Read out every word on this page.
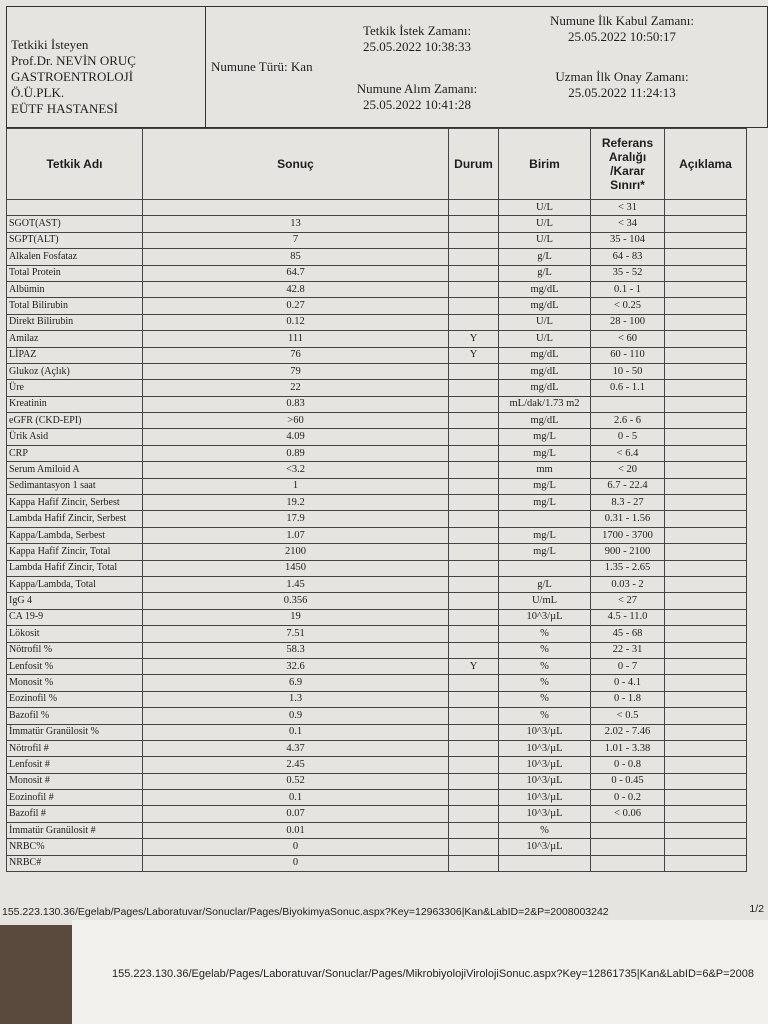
Tetkiki İsteyen
Prof.Dr. NEVİN ORUÇ
GASTROENTROLOJİ
Ö.Ü.PLK.
EÜTF HASTANESİ
Numune Türü: Kan
Tetkik İstek Zamanı:
25.05.2022 10:38:33
Numune Alım Zamanı:
25.05.2022 10:41:28
Numune İlk Kabul Zamanı:
25.05.2022 10:50:17
Uzman İlk Onay Zamanı:
25.05.2022 11:24:13
Tetkik Adı	Sonuç	Durum	Birim	Referans Aralığı /Karar Sınırı*	Açıklama
			U/L	< 31	
SGOT(AST)	13		U/L	< 34	
SGPT(ALT)	7		U/L	35 - 104	
Alkalen Fosfataz	85		g/L	64 - 83	
Total Protein	64.7		g/L	35 - 52	
Albümin	42.8		mg/dL	0.1 - 1	
Total Bilirubin	0.27		mg/dL	< 0.25	
Direkt Bilirubin	0.12		U/L	28 - 100	
Amilaz	111	Y	U/L	< 60	
LİPAZ	76	Y	mg/dL	60 - 110	
Glukoz (Açlık)	79		mg/dL	10 - 50	
Üre	22		mg/dL	0.6 - 1.1	
Kreatinin	0.83		mL/dak/1.73 m2		
eGFR (CKD-EPI)	>60		mg/dL	2.6 - 6	
Ürik Asid	4.09		mg/L	0 - 5	
CRP	0.89		mg/L	< 6.4	
Serum Amiloid A	<3.2		mm	< 20	
Sedimantasyon 1 saat	1		mg/L	6.7 - 22.4	
Kappa Hafif Zincir, Serbest	19.2		mg/L	8.3 - 27	
Lambda Hafif Zincir, Serbest	17.9			0.31 - 1.56	
Kappa/Lambda, Serbest	1.07		mg/L	1700 - 3700	
Kappa Hafif Zincir, Total	2100		mg/L	900 - 2100	
Lambda Hafif Zincir, Total	1450			1.35 - 2.65	
Kappa/Lambda, Total	1.45		g/L	0.03 - 2	
IgG 4	0.356		U/mL	< 27	
CA 19-9	19		10^3/µL	4.5 - 11.0	
Lökosit	7.51		%	45 - 68	
Nötrofil %	58.3		%	22 - 31	
Lenfosit %	32.6	Y	%	0 - 7	
Monosit %	6.9		%	0 - 4.1	
Eozinofil %	1.3		%	0 - 1.8	
Bazofil %	0.9		%	< 0.5	
İmmatür Granülosit %	0.1		10^3/µL	2.02 - 7.46	
Nötrofil #	4.37		10^3/µL	1.01 - 3.38	
Lenfosit #	2.45		10^3/µL	0 - 0.8	
Monosit #	0.52		10^3/µL	0 - 0.45	
Eozinofil #	0.1		10^3/µL	0 - 0.2	
Bazofil #	0.07		10^3/µL	< 0.06	
İmmatür Granülosit #	0.01		%		
NRBC%	0		10^3/µL		
NRBC#	0				
155.223.130.36/Egelab/Pages/Laboratuvar/Sonuclar/Pages/BiyokimyaSonuc.aspx?Key=12963306|Kan&LabID=2&P=2008003242	1/2
155.223.130.36/Egelab/Pages/Laboratuvar/Sonuclar/Pages/MikrobiyolojiVirolojiSonuc.aspx?Key=12861735|Kan&LabID=6&P=2008
